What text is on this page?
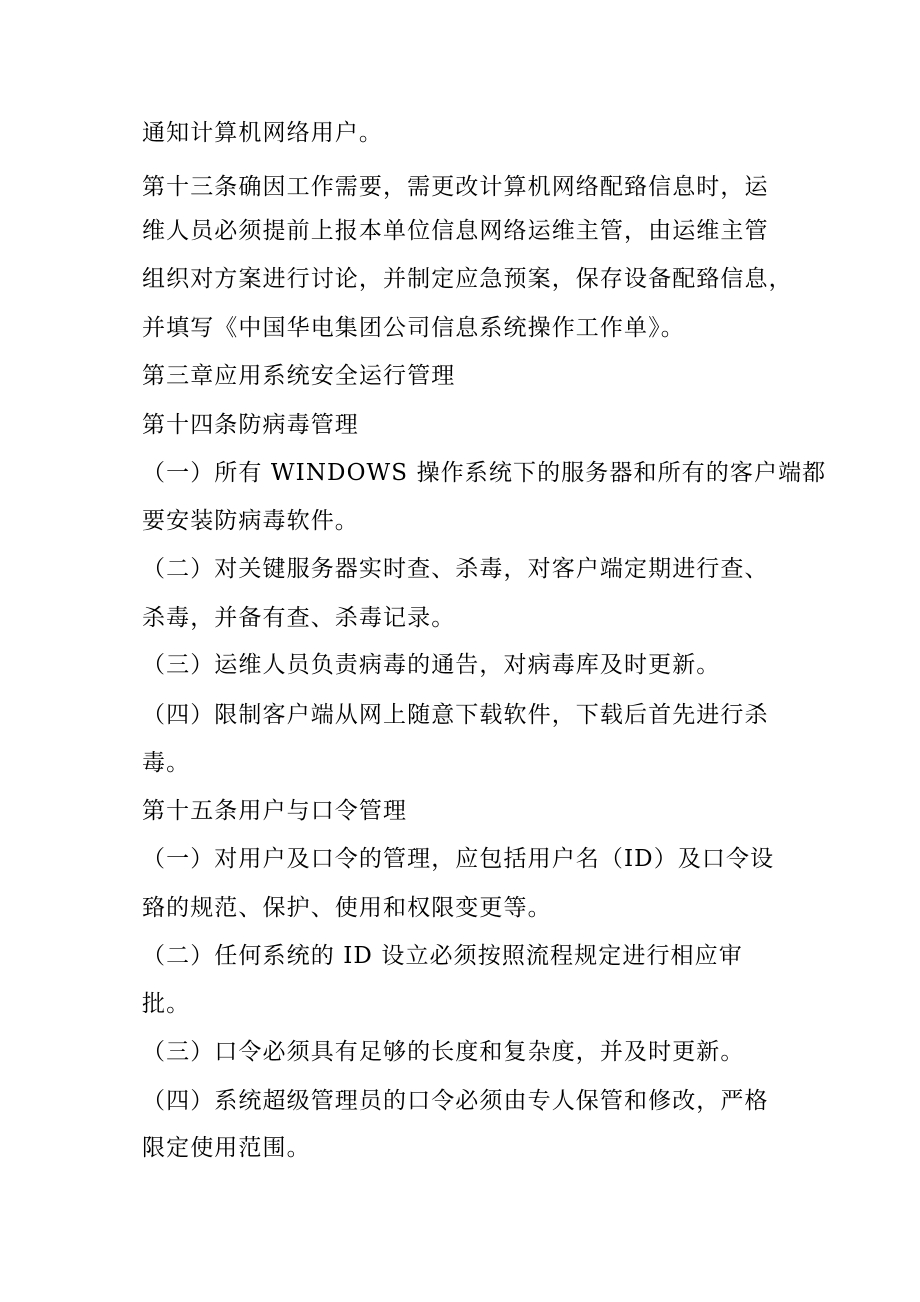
通知计算机网络用户。
第十三条确因工作需要，需更改计算机网络配臵信息时，运
维人员必须提前上报本单位信息网络运维主管，由运维主管
组织对方案进行讨论，并制定应急预案，保存设备配臵信息，
并填写《中国华电集团公司信息系统操作工作单》。
第三章应用系统安全运行管理
第十四条防病毒管理
（一）所有 WINDOWS 操作系统下的服务器和所有的客户端都
要安装防病毒软件。
（二）对关键服务器实时查、杀毒，对客户端定期进行查、
杀毒，并备有查、杀毒记录。
（三）运维人员负责病毒的通告，对病毒库及时更新。
（四）限制客户端从网上随意下载软件，下载后首先进行杀
毒。
第十五条用户与口令管理
（一）对用户及口令的管理，应包括用户名（ID）及口令设
臵的规范、保护、使用和权限变更等。
（二）任何系统的 ID 设立必须按照流程规定进行相应审
批。
（三）口令必须具有足够的长度和复杂度，并及时更新。
（四）系统超级管理员的口令必须由专人保管和修改，严格
限定使用范围。
